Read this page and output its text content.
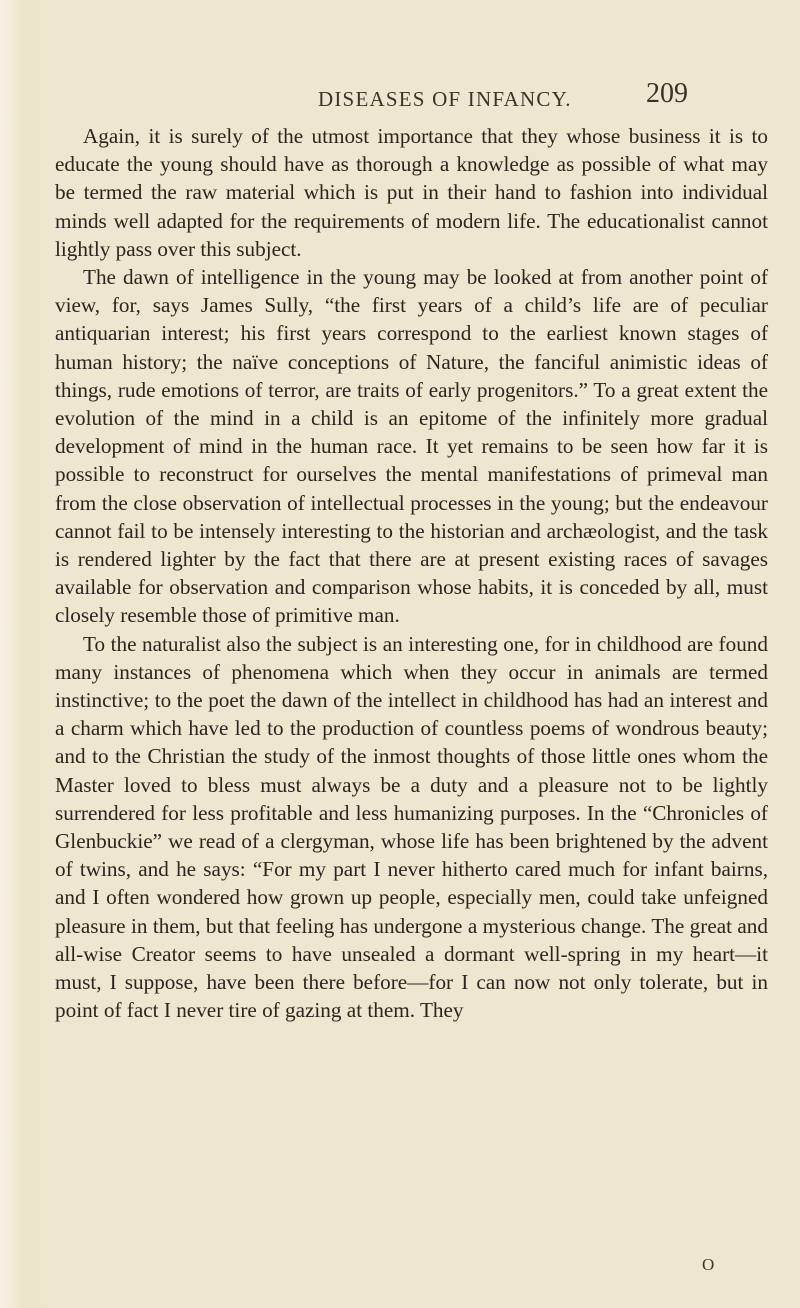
DISEASES OF INFANCY.	209

Again, it is surely of the utmost importance that they whose business it is to educate the young should have as thorough a knowledge as possible of what may be termed the raw material which is put in their hand to fashion into individual minds well adapted for the requirements of modern life. The educationalist cannot lightly pass over this subject.

The dawn of intelligence in the young may be looked at from another point of view, for, says James Sully, “the first years of a child’s life are of peculiar antiquarian interest; his first years correspond to the earliest known stages of human history; the naïve conceptions of Nature, the fanciful animistic ideas of things, rude emotions of terror, are traits of early progenitors.” To a great extent the evolution of the mind in a child is an epitome of the infinitely more gradual development of mind in the human race. It yet remains to be seen how far it is possible to reconstruct for ourselves the mental manifestations of primeval man from the close observation of intellectual processes in the young; but the endeavour cannot fail to be intensely interesting to the historian and archæologist, and the task is rendered lighter by the fact that there are at present existing races of savages available for observation and comparison whose habits, it is conceded by all, must closely resemble those of primitive man.

To the naturalist also the subject is an interesting one, for in childhood are found many instances of phenomena which when they occur in animals are termed instinctive; to the poet the dawn of the intellect in childhood has had an interest and a charm which have led to the production of countless poems of wondrous beauty; and to the Christian the study of the inmost thoughts of those little ones whom the Master loved to bless must always be a duty and a pleasure not to be lightly surrendered for less profitable and less humanizing purposes. In the “Chronicles of Glenbuckie” we read of a clergyman, whose life has been brightened by the advent of twins, and he says: “For my part I never hitherto cared much for infant bairns, and I often wondered how grown up people, especially men, could take unfeigned pleasure in them, but that feeling has undergone a mysterious change. The great and all-wise Creator seems to have unsealed a dormant well-spring in my heart—it must, I suppose, have been there before—for I can now not only tolerate, but in point of fact I never tire of gazing at them. They

O
